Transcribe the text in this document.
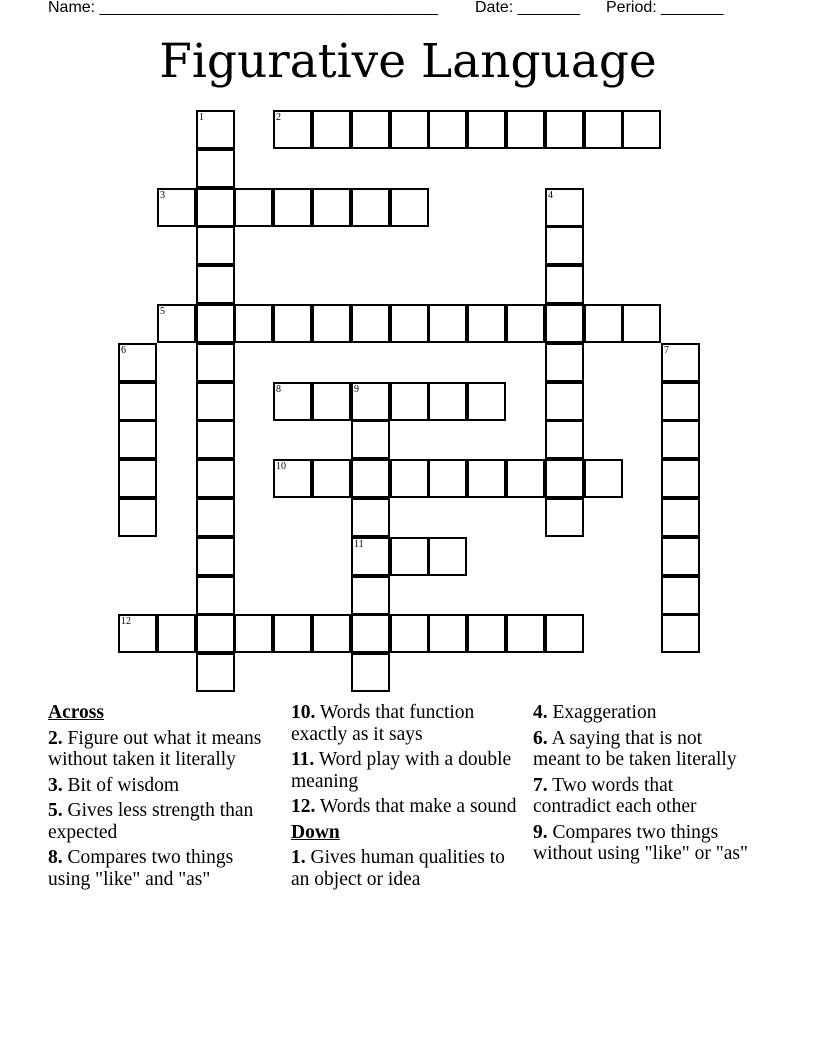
Name: ______________________________________ Date: _______ Period: _______
Figurative Language
1	2
3	4
5
6	7
8	9
11
10
12
Across
2. Figure out what it means without taken it literally
3. Bit of wisdom
5. Gives less strength than expected
8. Compares two things using "like" and "as"
10. Words that function exactly as it says
11. Word play with a double meaning
12. Words that make a sound
Down
1. Gives human qualities to an object or idea
4. Exaggeration
6. A saying that is not meant to be taken literally
7. Two words that contradict each other
9. Compares two things without using "like" or "as"
